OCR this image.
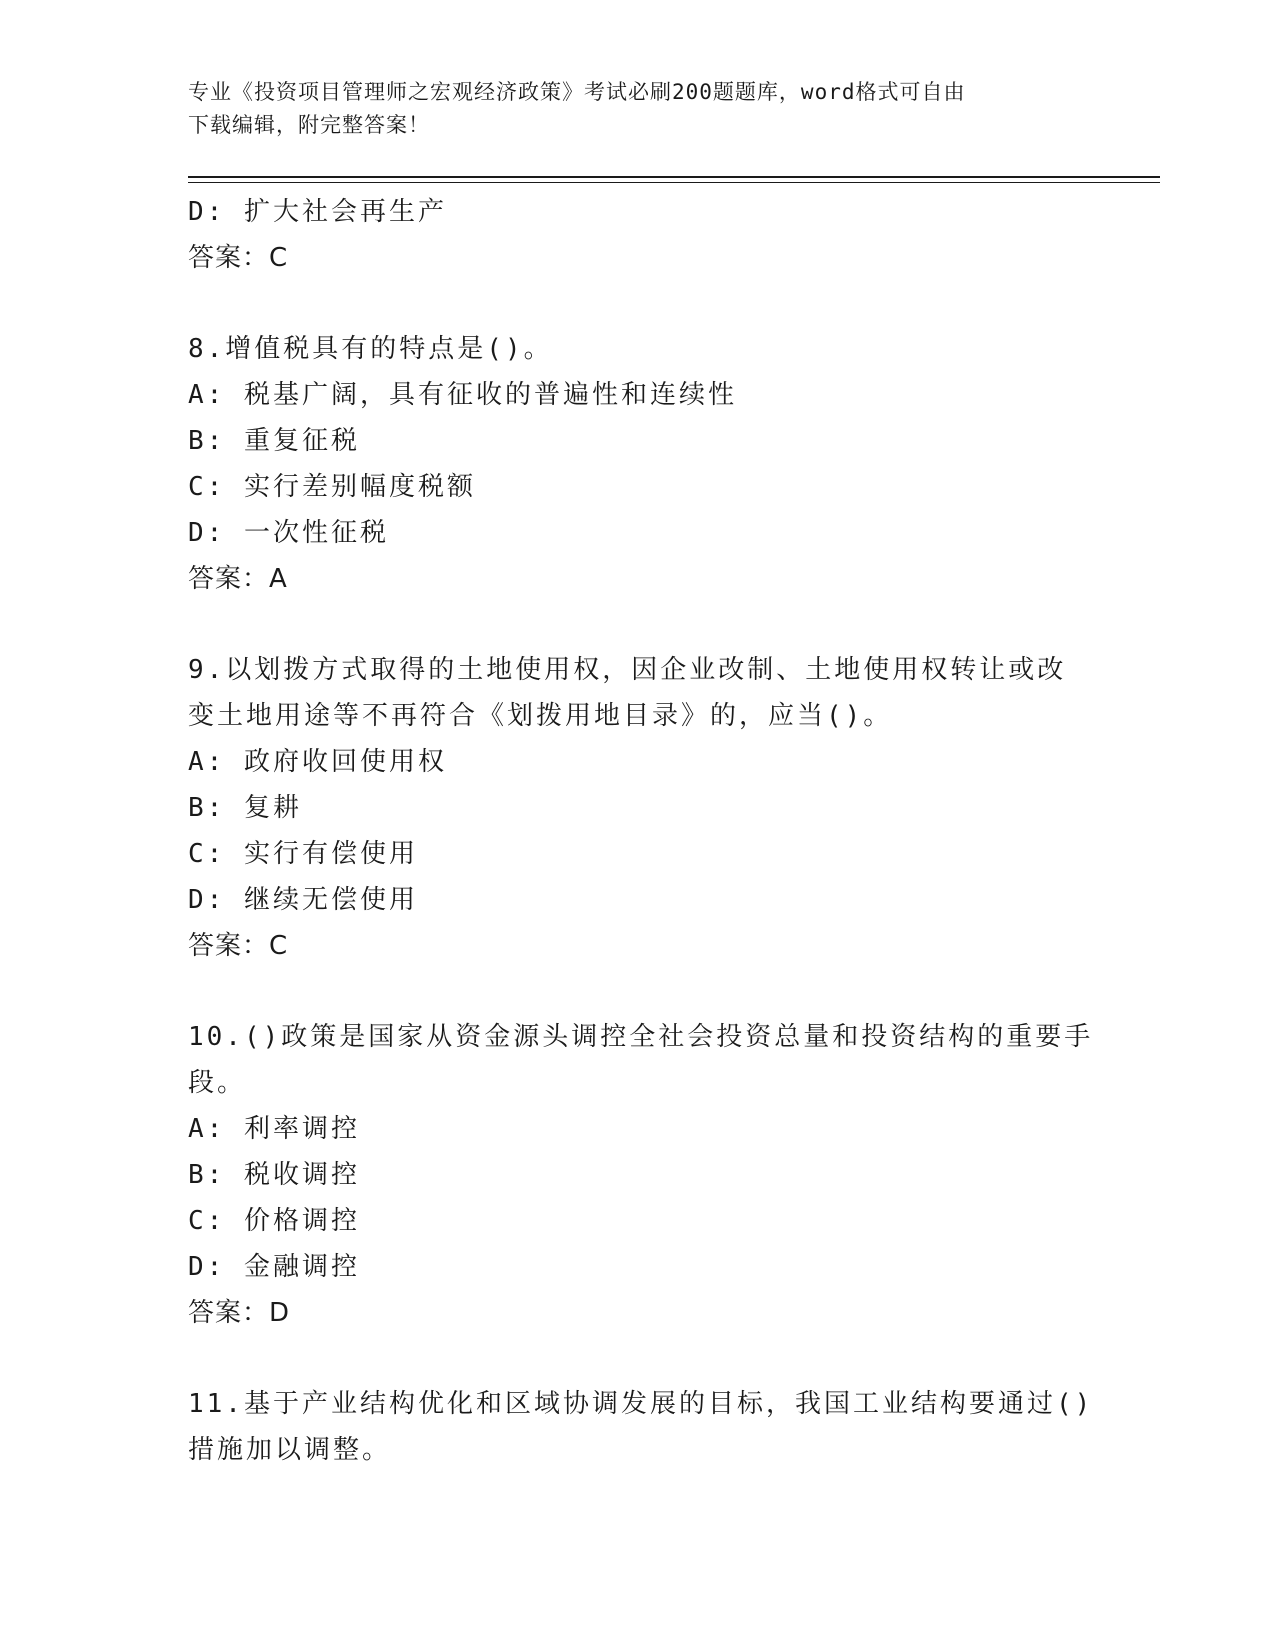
专业《投资项目管理师之宏观经济政策》考试必刷200题题库，word格式可自由
下载编辑，附完整答案！
D: 扩大社会再生产
答案：C
8.增值税具有的特点是()。
A: 税基广阔，具有征收的普遍性和连续性
B: 重复征税
C: 实行差别幅度税额
D: 一次性征税
答案：A
9.以划拨方式取得的土地使用权，因企业改制、土地使用权转让或改
变土地用途等不再符合《划拨用地目录》的，应当()。
A: 政府收回使用权
B: 复耕
C: 实行有偿使用
D: 继续无偿使用
答案：C
10.()政策是国家从资金源头调控全社会投资总量和投资结构的重要手
段。
A: 利率调控
B: 税收调控
C: 价格调控
D: 金融调控
答案：D
11.基于产业结构优化和区域协调发展的目标，我国工业结构要通过()
措施加以调整。
